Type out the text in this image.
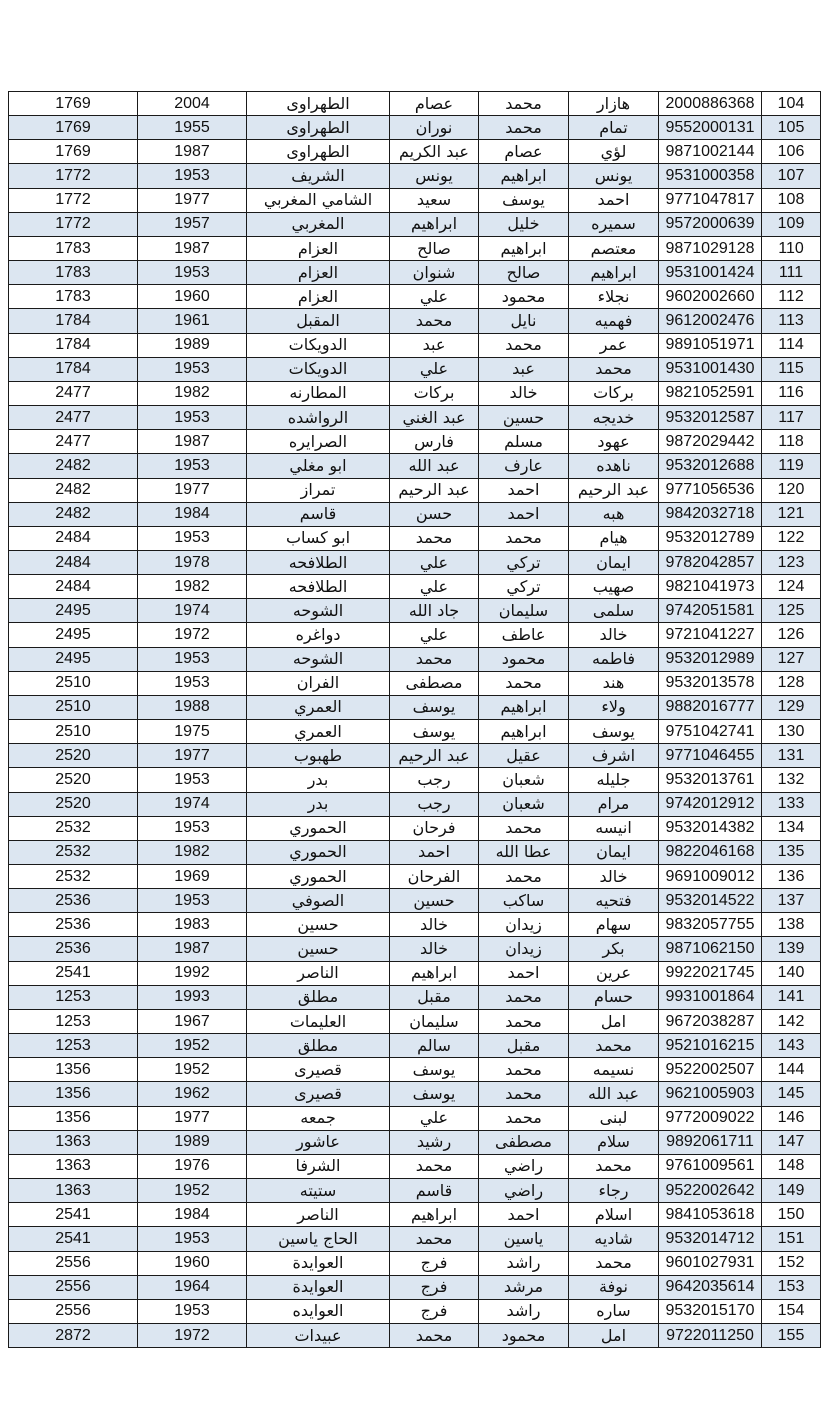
1769	2004	الطهراوى	عصام	محمد	هازار	2000886368	104
1769	1955	الطهراوى	نوران	محمد	تمام	9552000131	105
1769	1987	الطهراوى	عبد الكريم	عصام	لؤي	9871002144	106
1772	1953	الشريف	يونس	ابراهيم	يونس	9531000358	107
1772	1977	الشامي المغربي	سعيد	يوسف	احمد	9771047817	108
1772	1957	المغربي	ابراهيم	خليل	سميره	9572000639	109
1783	1987	العزام	صالح	ابراهيم	معتصم	9871029128	110
1783	1953	العزام	شنوان	صالح	ابراهيم	9531001424	111
1783	1960	العزام	علي	محمود	نجلاء	9602002660	112
1784	1961	المقبل	محمد	نايل	فهميه	9612002476	113
1784	1989	الدويكات	عبد	محمد	عمر	9891051971	114
1784	1953	الدويكات	علي	عبد	محمد	9531001430	115
2477	1982	المطارنه	بركات	خالد	بركات	9821052591	116
2477	1953	الرواشده	عبد الغني	حسين	خديجه	9532012587	117
2477	1987	الصرايره	فارس	مسلم	عهود	9872029442	118
2482	1953	ابو مغلي	عبد الله	عارف	ناهده	9532012688	119
2482	1977	تمراز	عبد الرحيم	احمد	عبد الرحيم	9771056536	120
2482	1984	قاسم	حسن	احمد	هبه	9842032718	121
2484	1953	ابو كساب	محمد	محمد	هيام	9532012789	122
2484	1978	الطلافحه	علي	تركي	ايمان	9782042857	123
2484	1982	الطلافحه	علي	تركي	صهيب	9821041973	124
2495	1974	الشوحه	جاد الله	سليمان	سلمى	9742051581	125
2495	1972	دواغره	علي	عاطف	خالد	9721041227	126
2495	1953	الشوحه	محمد	محمود	فاطمه	9532012989	127
2510	1953	الفران	مصطفى	محمد	هند	9532013578	128
2510	1988	العمري	يوسف	ابراهيم	ولاء	9882016777	129
2510	1975	العمري	يوسف	ابراهيم	يوسف	9751042741	130
2520	1977	طهبوب	عبد الرحيم	عقيل	اشرف	9771046455	131
2520	1953	بدر	رجب	شعبان	جليله	9532013761	132
2520	1974	بدر	رجب	شعبان	مرام	9742012912	133
2532	1953	الحموري	فرحان	محمد	انيسه	9532014382	134
2532	1982	الحموري	احمد	عطا الله	ايمان	9822046168	135
2532	1969	الحموري	الفرحان	محمد	خالد	9691009012	136
2536	1953	الصوفي	حسين	ساكب	فتحيه	9532014522	137
2536	1983	حسين	خالد	زيدان	سهام	9832057755	138
2536	1987	حسين	خالد	زيدان	بكر	9871062150	139
2541	1992	الناصر	ابراهيم	احمد	عرين	9922021745	140
1253	1993	مطلق	مقبل	محمد	حسام	9931001864	141
1253	1967	العليمات	سليمان	محمد	امل	9672038287	142
1253	1952	مطلق	سالم	مقبل	محمد	9521016215	143
1356	1952	قصيرى	يوسف	محمد	نسيمه	9522002507	144
1356	1962	قصيرى	يوسف	محمد	عبد الله	9621005903	145
1356	1977	جمعه	علي	محمد	لبنى	9772009022	146
1363	1989	عاشور	رشيد	مصطفى	سلام	9892061711	147
1363	1976	الشرفا	محمد	راضي	محمد	9761009561	148
1363	1952	ستيته	قاسم	راضي	رجاء	9522002642	149
2541	1984	الناصر	ابراهيم	احمد	اسلام	9841053618	150
2541	1953	الحاج ياسين	محمد	ياسين	شاديه	9532014712	151
2556	1960	العوايدة	فرج	راشد	محمد	9601027931	152
2556	1964	العوايدة	فرج	مرشد	نوفة	9642035614	153
2556	1953	العوايده	فرج	راشد	ساره	9532015170	154
2872	1972	عبيدات	محمد	محمود	امل	9722011250	155
